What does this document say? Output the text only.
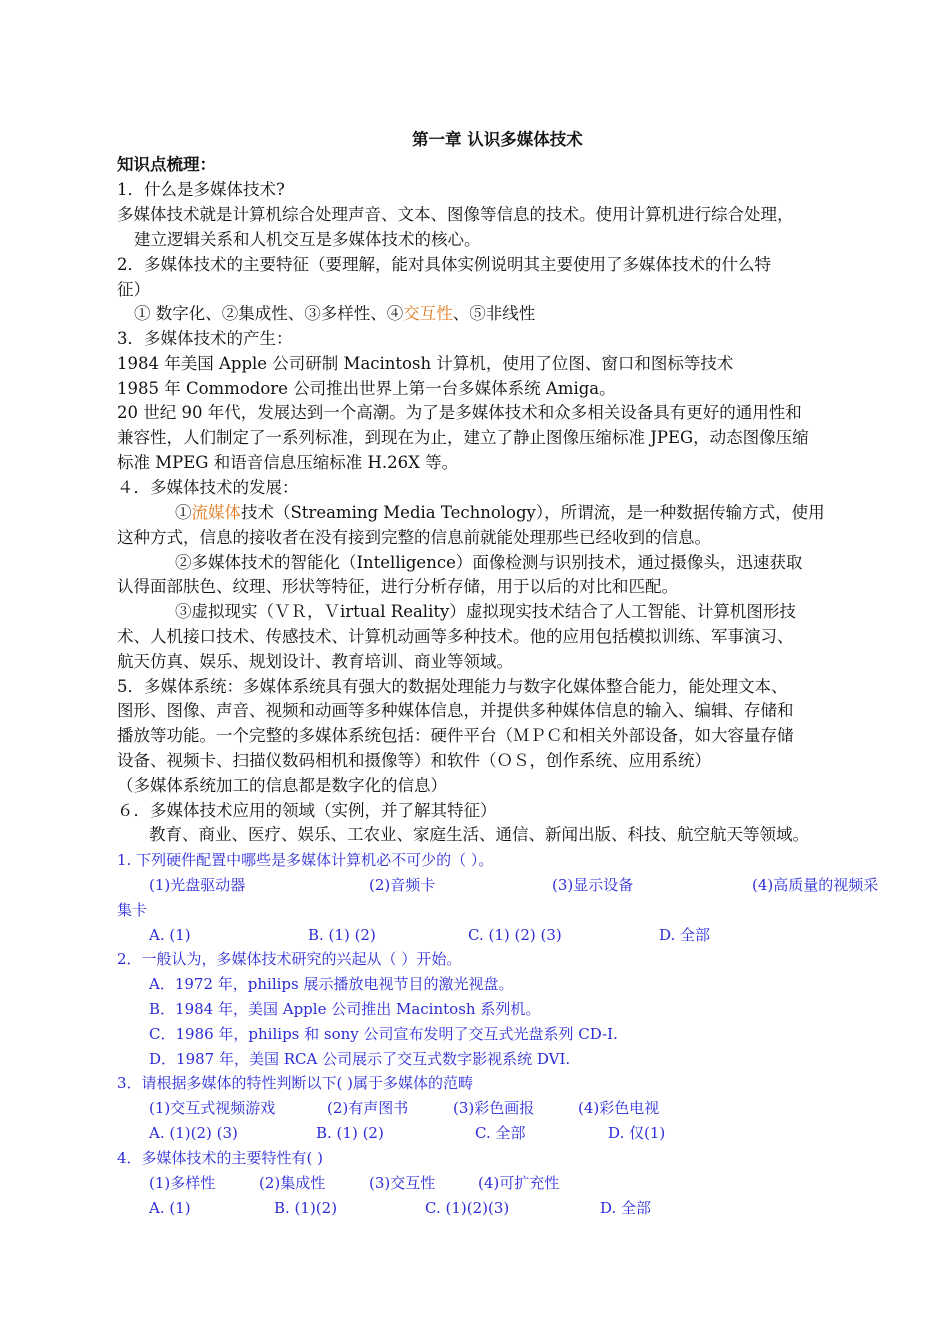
第一章 认识多媒体技术
知识点梳理：
1．什么是多媒体技术?
多媒体技术就是计算机综合处理声音、文本、图像等信息的技术。使用计算机进行综合处理，
建立逻辑关系和人机交互是多媒体技术的核心。
2．多媒体技术的主要特征（要理解，能对具体实例说明其主要使用了多媒体技术的什么特
征）
① 数字化、②集成性、③多样性、④交互性、⑤非线性
3．多媒体技术的产生：
1984 年美国 Apple 公司研制 Macintosh 计算机，使用了位图、窗口和图标等技术
1985 年 Commodore 公司推出世界上第一台多媒体系统 Amiga。
20 世纪 90 年代，发展达到一个高潮。为了是多媒体技术和众多相关设备具有更好的通用性和
兼容性，人们制定了一系列标准，到现在为止，建立了静止图像压缩标准 JPEG，动态图像压缩
标准 MPEG 和语音信息压缩标准 H.26X 等。
４．多媒体技术的发展：
①流媒体技术（Streaming Media Technology），所谓流，是一种数据传输方式，使用
这种方式，信息的接收者在没有接到完整的信息前就能处理那些已经收到的信息。
②多媒体技术的智能化（Intelligence）面像检测与识别技术，通过摄像头，迅速获取
认得面部肤色、纹理、形状等特征，进行分析存储，用于以后的对比和匹配。
③虚拟现实（ＶＲ，Ｖirtual Reality）虚拟现实技术结合了人工智能、计算机图形技
术、人机接口技术、传感技术、计算机动画等多种技术。他的应用包括模拟训练、军事演习、
航天仿真、娱乐、规划设计、教育培训、商业等领域。
5．多媒体系统：多媒体系统具有强大的数据处理能力与数字化媒体整合能力，能处理文本、
图形、图像、声音、视频和动画等多种媒体信息，并提供多种媒体信息的输入、编辑、存储和
播放等功能。一个完整的多媒体系统包括：硬件平台（ＭＰＣ和相关外部设备，如大容量存储
设备、视频卡、扫描仪数码相机和摄像等）和软件（ＯＳ，创作系统、应用系统）
（多媒体系统加工的信息都是数字化的信息）
６．多媒体技术应用的领域（实例，并了解其特征）
教育、商业、医疗、娱乐、工农业、家庭生活、通信、新闻出版、科技、航空航天等领域。
1. 下列硬件配置中哪些是多媒体计算机必不可少的（ ）。
(1)光盘驱动器	(2)音频卡	(3)显示设备	(4)高质量的视频采
集卡
A. (1)	B. (1) (2)	C. (1) (2) (3)	D. 全部
2．一般认为，多媒体技术研究的兴起从（ ）开始。
A．1972 年，philips 展示播放电视节目的激光视盘。
B．1984 年，美国 Apple 公司推出 Macintosh 系列机。
C．1986 年，philips 和 sony 公司宣布发明了交互式光盘系列 CD-I.
D．1987 年，美国 RCA 公司展示了交互式数字影视系统 DVI.
3．请根据多媒体的特性判断以下( )属于多媒体的范畴
(1)交互式视频游戏	(2)有声图书	(3)彩色画报	(4)彩色电视
A. (1)(2) (3)	B. (1) (2)	C. 全部	D. 仅(1)
4．多媒体技术的主要特性有( )
(1)多样性	(2)集成性	(3)交互性	(4)可扩充性
A. (1)	B. (1)(2)	C. (1)(2)(3)	D. 全部
